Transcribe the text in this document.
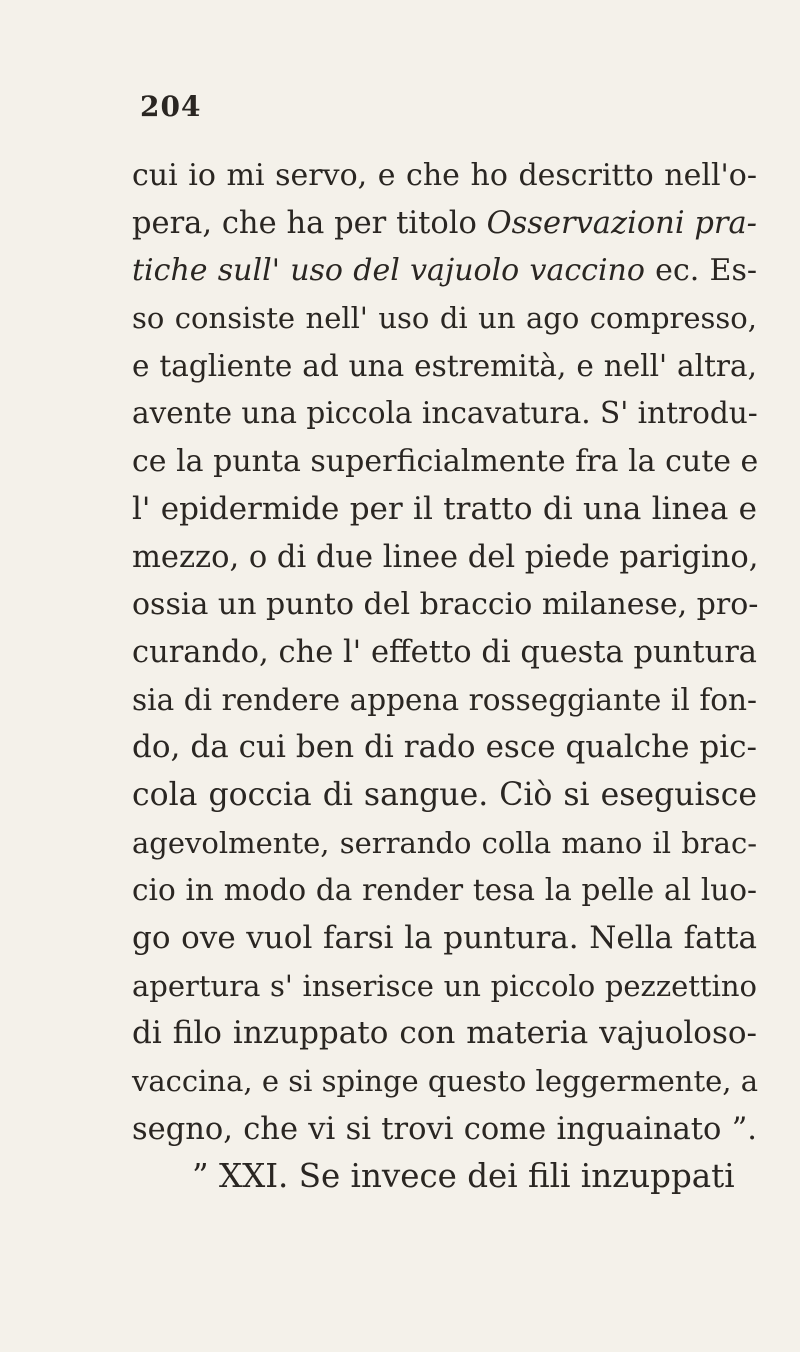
204
cui io mi servo, e che ho descritto nell'o-
pera, che ha per titolo Osservazioni pra-
tiche sull' uso del vajuolo vaccino ec. Es-
so consiste nell' uso di un ago compresso,
e tagliente ad una estremità, e nell' altra,
avente una piccola incavatura. S' introdu-
ce la punta superficialmente fra la cute e
l' epidermide per il tratto di una linea e
mezzo, o di due linee del piede parigino,
ossia un punto del braccio milanese, pro-
curando, che l' effetto di questa puntura
sia di rendere appena rosseggiante il fon-
do, da cui ben di rado esce qualche pic-
cola goccia di sangue. Ciò si eseguisce
agevolmente, serrando colla mano il brac-
cio in modo da render tesa la pelle al luo-
go ove vuol farsi la puntura. Nella fatta
apertura s' inserisce un piccolo pezzettino
di filo inzuppato con materia vajuoloso-
vaccina, e si spinge questo leggermente, a
segno, che vi si trovi come inguainato ”.
” XXI. Se invece dei fili inzuppati
